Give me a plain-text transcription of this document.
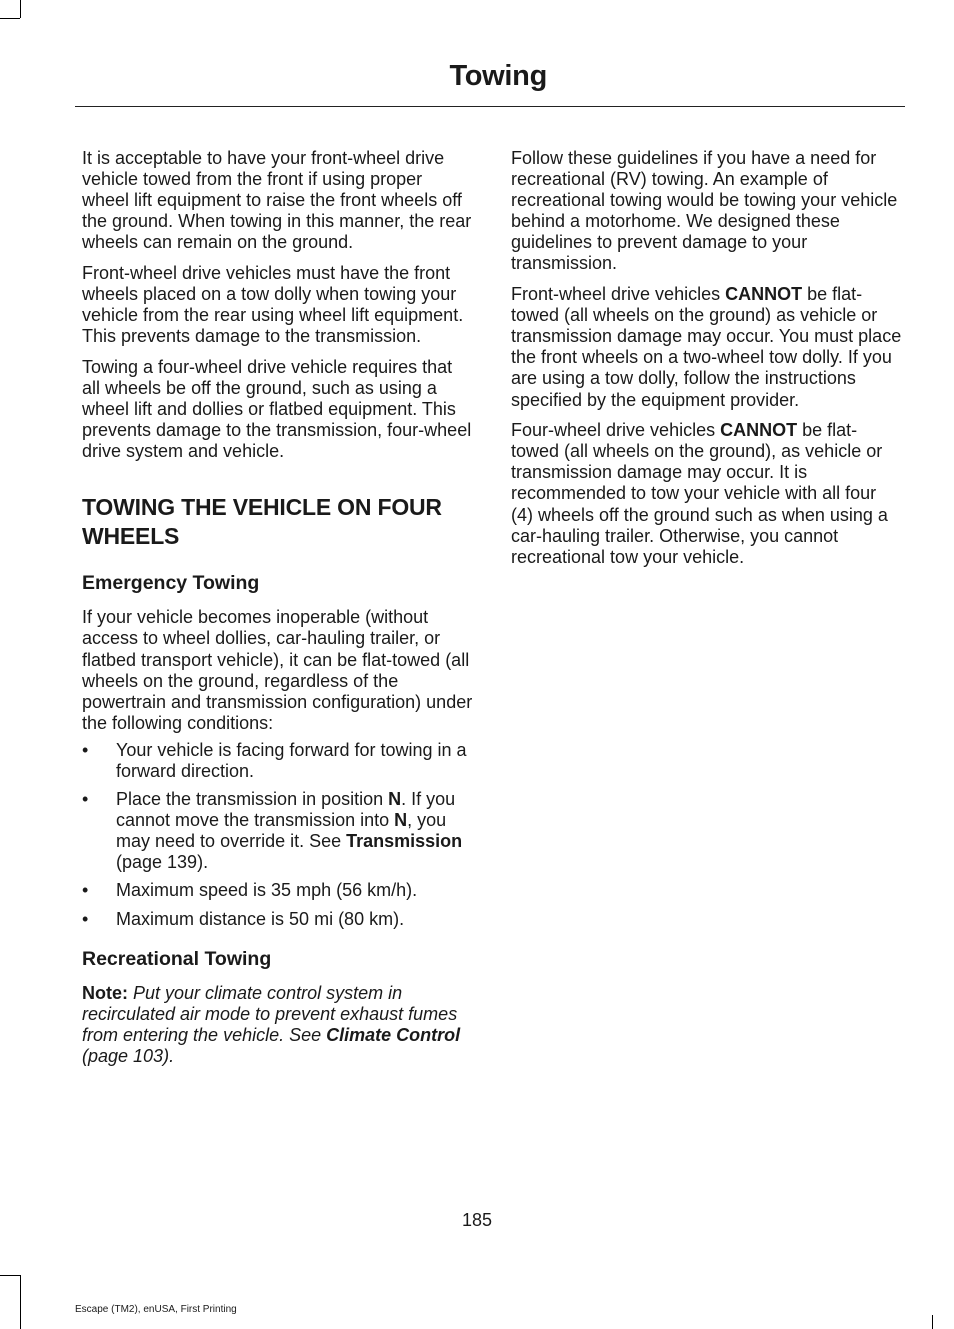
Towing

It is acceptable to have your front-wheel drive vehicle towed from the front if using proper wheel lift equipment to raise the front wheels off the ground. When towing in this manner, the rear wheels can remain on the ground.

Front-wheel drive vehicles must have the front wheels placed on a tow dolly when towing your vehicle from the rear using wheel lift equipment. This prevents damage to the transmission.

Towing a four-wheel drive vehicle requires that all wheels be off the ground, such as using a wheel lift and dollies or flatbed equipment. This prevents damage to the transmission, four-wheel drive system and vehicle.

TOWING THE VEHICLE ON FOUR WHEELS
Emergency Towing

If your vehicle becomes inoperable (without access to wheel dollies, car-hauling trailer, or flatbed transport vehicle), it can be flat-towed (all wheels on the ground, regardless of the powertrain and transmission configuration) under the following conditions:

• Your vehicle is facing forward for towing in a forward direction.
• Place the transmission in position N. If you cannot move the transmission into N, you may need to override it. See Transmission (page 139).
• Maximum speed is 35 mph (56 km/h).
• Maximum distance is 50 mi (80 km).
Recreational Towing

Note: Put your climate control system in recirculated air mode to prevent exhaust fumes from entering the vehicle. See Climate Control (page 103).

Follow these guidelines if you have a need for recreational (RV) towing. An example of recreational towing would be towing your vehicle behind a motorhome. We designed these guidelines to prevent damage to your transmission.

Front-wheel drive vehicles CANNOT be flat-towed (all wheels on the ground) as vehicle or transmission damage may occur. You must place the front wheels on a two-wheel tow dolly. If you are using a tow dolly, follow the instructions specified by the equipment provider.

Four-wheel drive vehicles CANNOT be flat-towed (all wheels on the ground), as vehicle or transmission damage may occur. It is recommended to tow your vehicle with all four (4) wheels off the ground such as when using a car-hauling trailer. Otherwise, you cannot recreational tow your vehicle.

185
Escape (TM2), enUSA, First Printing
